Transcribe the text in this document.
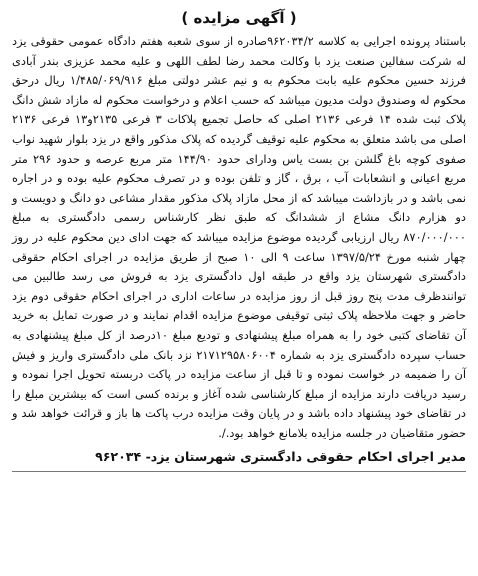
( آگهی مزایده )

باستناد پرونده اجرایی به کلاسه ۹۶۲۰۳۴/۲صادره از سوی شعبه هفتم دادگاه عمومی حقوقی یزد له شرکت سفالین صنعت یزد با وکالت محمد رضا لطف اللهی و علیه محمد عزیزی بندر آبادی فرزند حسین محکوم علیه بابت محکوم به و نیم عشر دولتی مبلغ ۱/۴۸۵/۰۶۹/۹۱۶ ریال درحق محکوم له وصندوق دولت مدیون میباشد که حسب اعلام و درخواست محکوم له مازاد شش دانگ پلاک ثبت شده ۱۴ فرعی ۲۱۳۶ اصلی که حاصل تجمیع پلاکات ۳ فرعی ۲۱۳۵و۱۳ فرعی ۲۱۳۶ اصلی می باشد متعلق به محکوم علیه توقیف گردیده که پلاک مذکور واقع در یزد بلوار شهید نواب صفوی کوچه باغ گلشن بن بست یاس ودارای حدود ۱۴۴/۹۰ متر مربع عرصه و حدود ۲۹۶ متر مربع اعیانی و انشعابات آب ، برق ، گاز و تلفن بوده و در تصرف محکوم علیه بوده و در اجاره نمی باشد و در بازداشت میباشد که از محل مازاد پلاک مذکور مقدار مشاعی دو دانگ و دویست و دو هزارم دانگ مشاع از ششدانگ که طبق نظر کارشناس رسمی دادگستری به مبلغ ۸۷۰/۰۰۰/۰۰۰ ریال ارزیابی گردیده موضوع مزایده میباشد که جهت ادای دین محکوم علیه در روز چهار شنبه مورخ ۱۳۹۷/۵/۲۴ ساعت ۹ الی ۱۰ صبح از طریق مزایده در اجرای احکام حقوقی دادگستری شهرستان یزد واقع در طبقه اول دادگستری یزد به فروش می رسد طالبین می توانندظرف مدت پنج روز قبل از روز مزایده در ساعات اداری در اجرای احکام حقوقی دوم یزد حاضر و جهت ملاحظه پلاک ثبتی توقیفی موضوع مزایده اقدام نمایند و در صورت تمایل به خرید آن تقاضای کتبی خود را به همراه مبلغ پیشنهادی و تودیع مبلغ ۱۰درصد از کل مبلغ پیشنهادی به حساب سپرده دادگستری یزد به شماره ۲۱۷۱۲۹۵۸۰۶۰۰۴ نزد بانک ملی دادگستری واریز و فیش آن را ضمیمه در خواست نموده و تا قبل از ساعت مزایده در پاکت دربسته تحویل اجرا نموده و رسید دریافت دارند مزایده از مبلغ کارشناسی شده آغاز و برنده کسی است که بیشترین مبلغ را در تقاضای خود پیشنهاد داده باشد و در پایان وقت مزایده درب پاکت ها باز و قرائت خواهد شد و حضور متقاضیان در جلسه مزایده بلامانع خواهد بود./.

مدیر اجرای احکام حقوقی دادگستری شهرستان یزد- ۹۶۲۰۳۴
